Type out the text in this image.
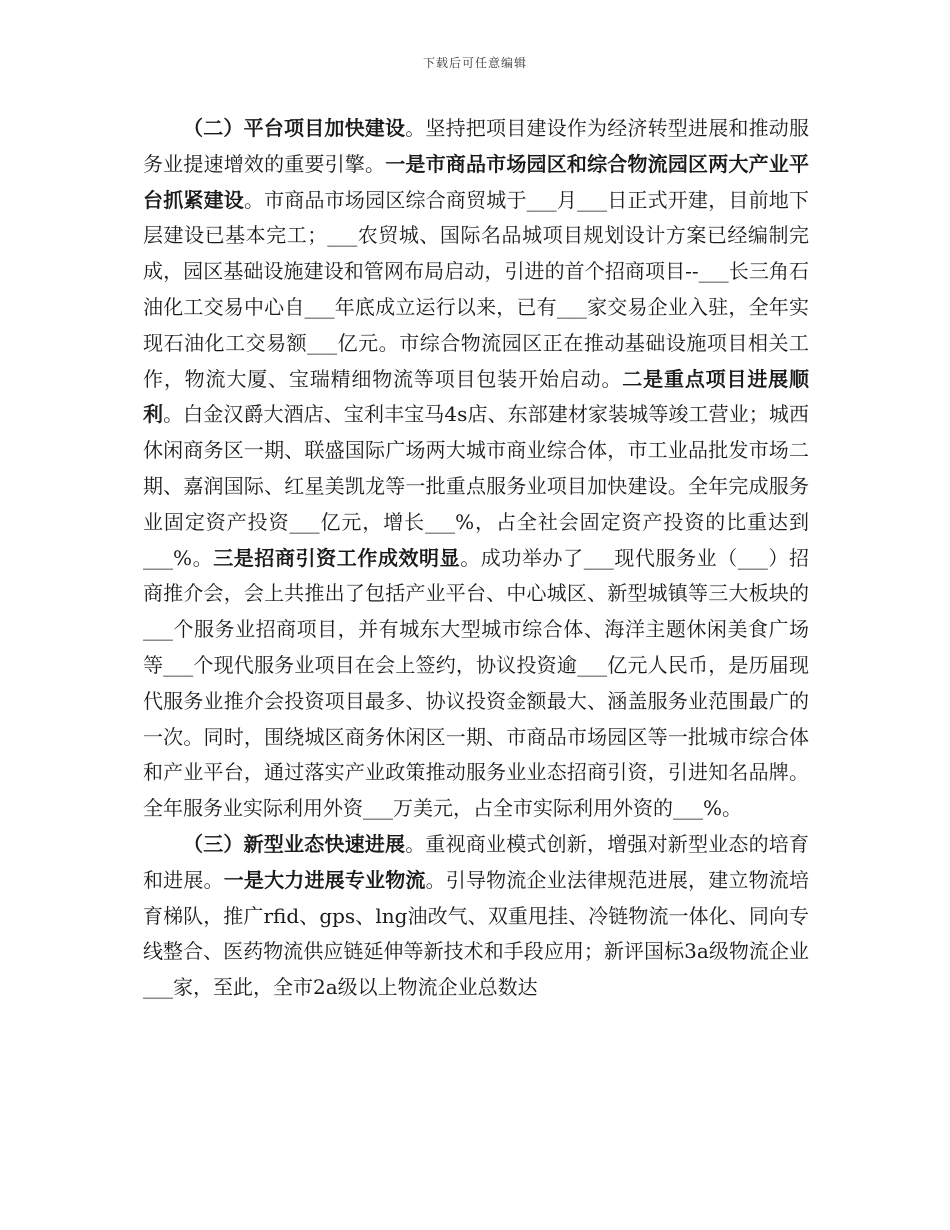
下载后可任意编辑

（二）平台项目加快建设。坚持把项目建设作为经济转型进展和推动服务业提速增效的重要引擎。一是市商品市场园区和综合物流园区两大产业平台抓紧建设。市商品市场园区综合商贸城于___月___日正式开建，目前地下层建设已基本完工；___农贸城、国际名品城项目规划设计方案已经编制完成，园区基础设施建设和管网布局启动，引进的首个招商项目--___长三角石油化工交易中心自___年底成立运行以来，已有___家交易企业入驻，全年实现石油化工交易额___亿元。市综合物流园区正在推动基础设施项目相关工作，物流大厦、宝瑞精细物流等项目包装开始启动。二是重点项目进展顺利。白金汉爵大酒店、宝利丰宝马4s店、东部建材家装城等竣工营业；城西休闲商务区一期、联盛国际广场两大城市商业综合体，市工业品批发市场二期、嘉润国际、红星美凯龙等一批重点服务业项目加快建设。全年完成服务业固定资产投资___亿元，增长___%，占全社会固定资产投资的比重达到___%。三是招商引资工作成效明显。成功举办了___现代服务业（___）招商推介会，会上共推出了包括产业平台、中心城区、新型城镇等三大板块的___个服务业招商项目，并有城东大型城市综合体、海洋主题休闲美食广场等___个现代服务业项目在会上签约，协议投资逾___亿元人民币，是历届现代服务业推介会投资项目最多、协议投资金额最大、涵盖服务业范围最广的一次。同时，围绕城区商务休闲区一期、市商品市场园区等一批城市综合体和产业平台，通过落实产业政策推动服务业业态招商引资，引进知名品牌。全年服务业实际利用外资___万美元，占全市实际利用外资的___%。

（三）新型业态快速进展。重视商业模式创新，增强对新型业态的培育和进展。一是大力进展专业物流。引导物流企业法律规范进展，建立物流培育梯队，推广rfid、gps、lng油改气、双重甩挂、冷链物流一体化、同向专线整合、医药物流供应链延伸等新技术和手段应用；新评国标3a级物流企业___家，至此，全市2a级以上物流企业总数达
